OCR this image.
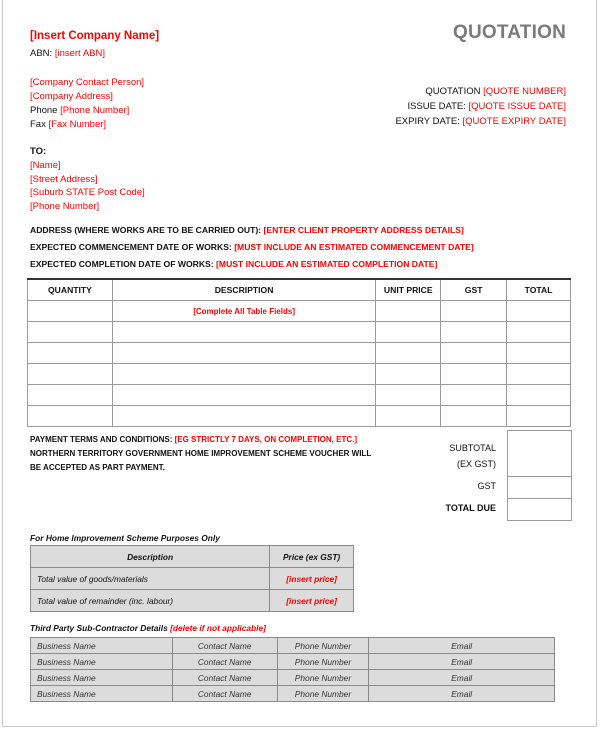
[Insert Company Name]	QUOTATION
ABN: [insert ABN]
[Company Contact Person]
[Company Address]
Phone [Phone Number]
Fax [Fax Number]
QUOTATION [QUOTE NUMBER]
ISSUE DATE: [QUOTE ISSUE DATE]
EXPIRY DATE: [QUOTE EXPIRY DATE]
TO:
[Name]
[Street Address]
[Suburb STATE Post Code]
[Phone Number]
ADDRESS (WHERE WORKS ARE TO BE CARRIED OUT): [ENTER CLIENT PROPERTY ADDRESS DETAILS]
EXPECTED COMMENCEMENT DATE OF WORKS: [MUST INCLUDE AN ESTIMATED COMMENCEMENT DATE]
EXPECTED COMPLETION DATE OF WORKS: [MUST INCLUDE AN ESTIMATED COMPLETION DATE]
QUANTITY	DESCRIPTION	UNIT PRICE	GST	TOTAL
	[Complete All Table Fields]			

PAYMENT TERMS AND CONDITIONS: [EG STRICTLY 7 DAYS, ON COMPLETION, ETC.]
NORTHERN TERRITORY GOVERNMENT HOME IMPROVEMENT SCHEME VOUCHER WILL
BE ACCEPTED AS PART PAYMENT.
SUBTOTAL
(EX GST)
GST
TOTAL DUE

For Home Improvement Scheme Purposes Only
Description	Price (ex GST)
Total value of goods/materials	[insert price]
Total value of remainder (inc. labour)	[insert price]
Third Party Sub-Contractor Details [delete if not applicable]
Business Name	Contact Name	Phone Number	Email
Business Name	Contact Name	Phone Number	Email
Business Name	Contact Name	Phone Number	Email
Business Name	Contact Name	Phone Number	Email
